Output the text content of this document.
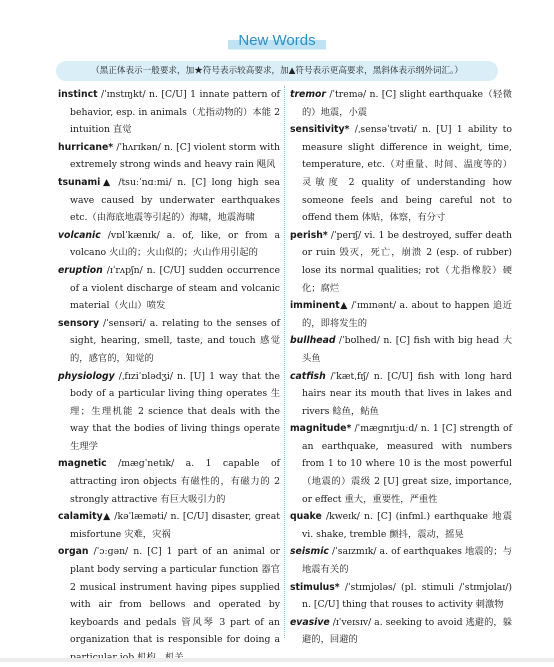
New Words
（黑正体表示一般要求，加★符号表示较高要求，加▲符号表示更高要求，黑斜体表示纲外词汇。）

instinct /ˈɪnstɪŋkt/ n. [C/U] 1 innate pattern of behavior, esp. in animals（尤指动物的）本能 2 intuition 直觉

hurricane* /ˈhʌrɪkən/ n. [C] violent storm with extremely strong winds and heavy rain 飓风

tsunami▲ /tsuːˈnɑːmi/ n. [C] long high sea wave caused by underwater earthquakes etc.（由海底地震等引起的）海啸，地震海啸

volcanic /vɒlˈkænɪk/ a. of, like, or from a volcano 火山的；火山似的；火山作用引起的

eruption /ɪˈrʌpʃn/ n. [C/U] sudden occurrence of a violent discharge of steam and volcanic material（火山）喷发

sensory /ˈsensəri/ a. relating to the senses of sight, hearing, smell, taste, and touch 感觉的，感官的，知觉的

physiology /ˌfɪziˈɒlədʒi/ n. [U] 1 way that the body of a particular living thing operates 生理；生理机能 2 science that deals with the way that the bodies of living things operate 生理学

magnetic /mægˈnetɪk/ a. 1 capable of attracting iron objects 有磁性的，有磁力的 2 strongly attractive 有巨大吸引力的

calamity▲ /kəˈlæməti/ n. [C/U] disaster, great misfortune 灾难，灾祸

organ /ˈɔːgən/ n. [C] 1 part of an animal or plant body serving a particular function 器官 2 musical instrument having pipes supplied with air from bellows and operated by keyboards and pedals 管风琴 3 part of an organization that is responsible for doing a

tremor /ˈtremə/ n. [C] slight earthquake（轻微的）地震，小震

sensitivity* /ˌsensəˈtɪvəti/ n. [U] 1 ability to measure slight difference in weight, time, temperature, etc.（对重量、时间、温度等的）灵敏度 2 quality of understanding how someone feels and being careful not to offend them 体贴，体察，有分寸

perish* /ˈperɪʃ/ vi. 1 be destroyed, suffer death or ruin 毁灭，死亡，崩溃 2 (esp. of rubber) lose its normal qualities; rot（尤指橡胶）硬化；腐烂

imminent▲ /ˈɪmɪnənt/ a. about to happen 追近的，即将发生的

bullhead /ˈbʊlhed/ n. [C] fish with big head 大头鱼

catfish /ˈkætˌfɪʃ/ n. [C/U] fish with long hard hairs near its mouth that lives in lakes and rivers 鲶鱼，鲇鱼

magnitude* /ˈmægnɪtjuːd/ n. 1 [C] strength of an earthquake, measured with numbers from 1 to 10 where 10 is the most powerful（地震的）震级 2 [U] great size, importance, or effect 重大，重要性，严重性

quake /kweɪk/ n. [C] (infml.) earthquake 地震 vi. shake, tremble 颤抖，震动，摇晃

seismic /ˈsaɪzmɪk/ a. of earthquakes 地震的；与地震有关的

stimulus* /ˈstɪmjʊləs/ (pl. stimuli /ˈstɪmjʊlaɪ/) n. [C/U] thing that rouses to activity 刺激物

evasive /ɪˈveɪsɪv/ a. seeking to avoid 逃避的，躲避的，回避的
